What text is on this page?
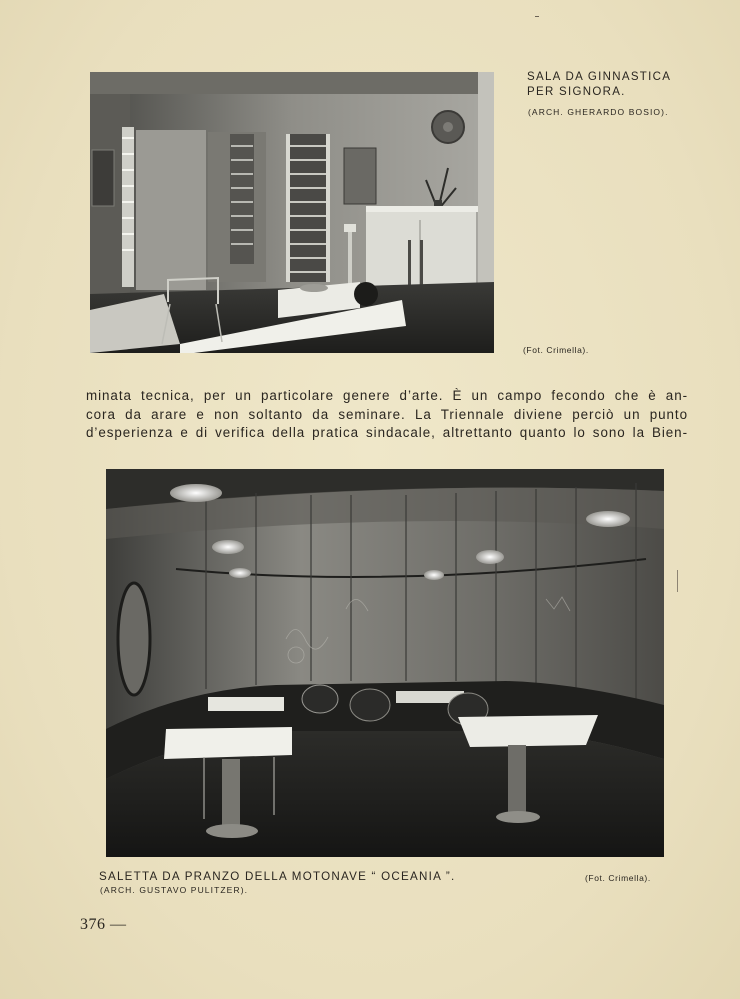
SALA DA GINNASTICA
PER SIGNORA.
(ARCH. GHERARDO BOSIO).
(Fot. Crimella).
minata tecnica, per un particolare genere d’arte. È un campo fecondo che è an-
cora da arare e non soltanto da seminare. La Triennale diviene perciò un punto
d’esperienza e di verifica della pratica sindacale, altrettanto quanto lo sono la Bien-
SALETTA DA PRANZO DELLA MOTONAVE “ OCEANIA ”.
(ARCH. GUSTAVO PULITZER).
(Fot. Crimella).
376 —
